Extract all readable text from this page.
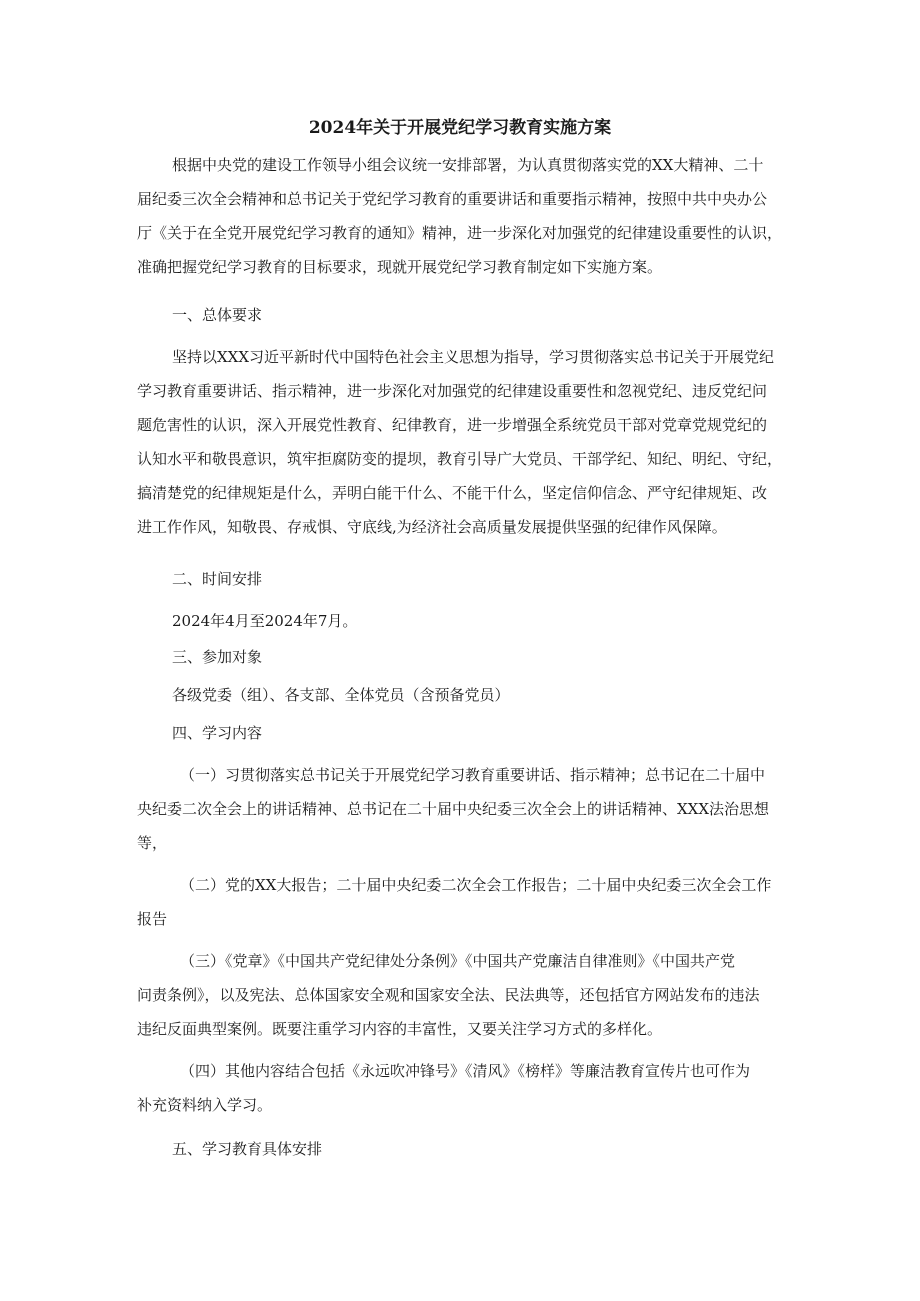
2024年关于开展党纪学习教育实施方案
根据中央党的建设工作领导小组会议统一安排部署，为认真贯彻落实党的XX大精神、二十
届纪委三次全会精神和总书记关于党纪学习教育的重要讲话和重要指示精神，按照中共中央办公
厅《关于在全党开展党纪学习教育的通知》精神，进一步深化对加强党的纪律建设重要性的认识，
准确把握党纪学习教育的目标要求，现就开展党纪学习教育制定如下实施方案。
一、总体要求
坚持以XXX习近平新时代中国特色社会主义思想为指导，学习贯彻落实总书记关于开展党纪
学习教育重要讲话、指示精神，进一步深化对加强党的纪律建设重要性和忽视党纪、违反党纪问
题危害性的认识，深入开展党性教育、纪律教育，进一步增强全系统党员干部对党章党规党纪的
认知水平和敬畏意识，筑牢拒腐防变的提坝，教育引导广大党员、干部学纪、知纪、明纪、守纪，
搞清楚党的纪律规矩是什么，弄明白能干什么、不能干什么，坚定信仰信念、严守纪律规矩、改
进工作作风，知敬畏、存戒惧、守底线,为经济社会高质量发展提供坚强的纪律作风保障。
二、时间安排
2024年4月至2024年7月。
三、参加对象
各级党委（组）、各支部、全体党员（含预备党员）
四、学习内容
（一）习贯彻落实总书记关于开展党纪学习教育重要讲话、指示精神；总书记在二十届中
央纪委二次全会上的讲话精神、总书记在二十届中央纪委三次全会上的讲话精神、XXX法治思想
等，
（二）党的XX大报告；二十届中央纪委二次全会工作报告；二十届中央纪委三次全会工作
报告
（三）《党章》《中国共产党纪律处分条例》《中国共产党廉洁自律准则》《中国共产党
问责条例》，以及宪法、总体国家安全观和国家安全法、民法典等，还包括官方网站发布的违法
违纪反面典型案例。既要注重学习内容的丰富性，又要关注学习方式的多样化。
（四）其他内容结合包括《永远吹冲锋号》《清风》《榜样》等廉洁教育宣传片也可作为
补充资料纳入学习。
五、学习教育具体安排
